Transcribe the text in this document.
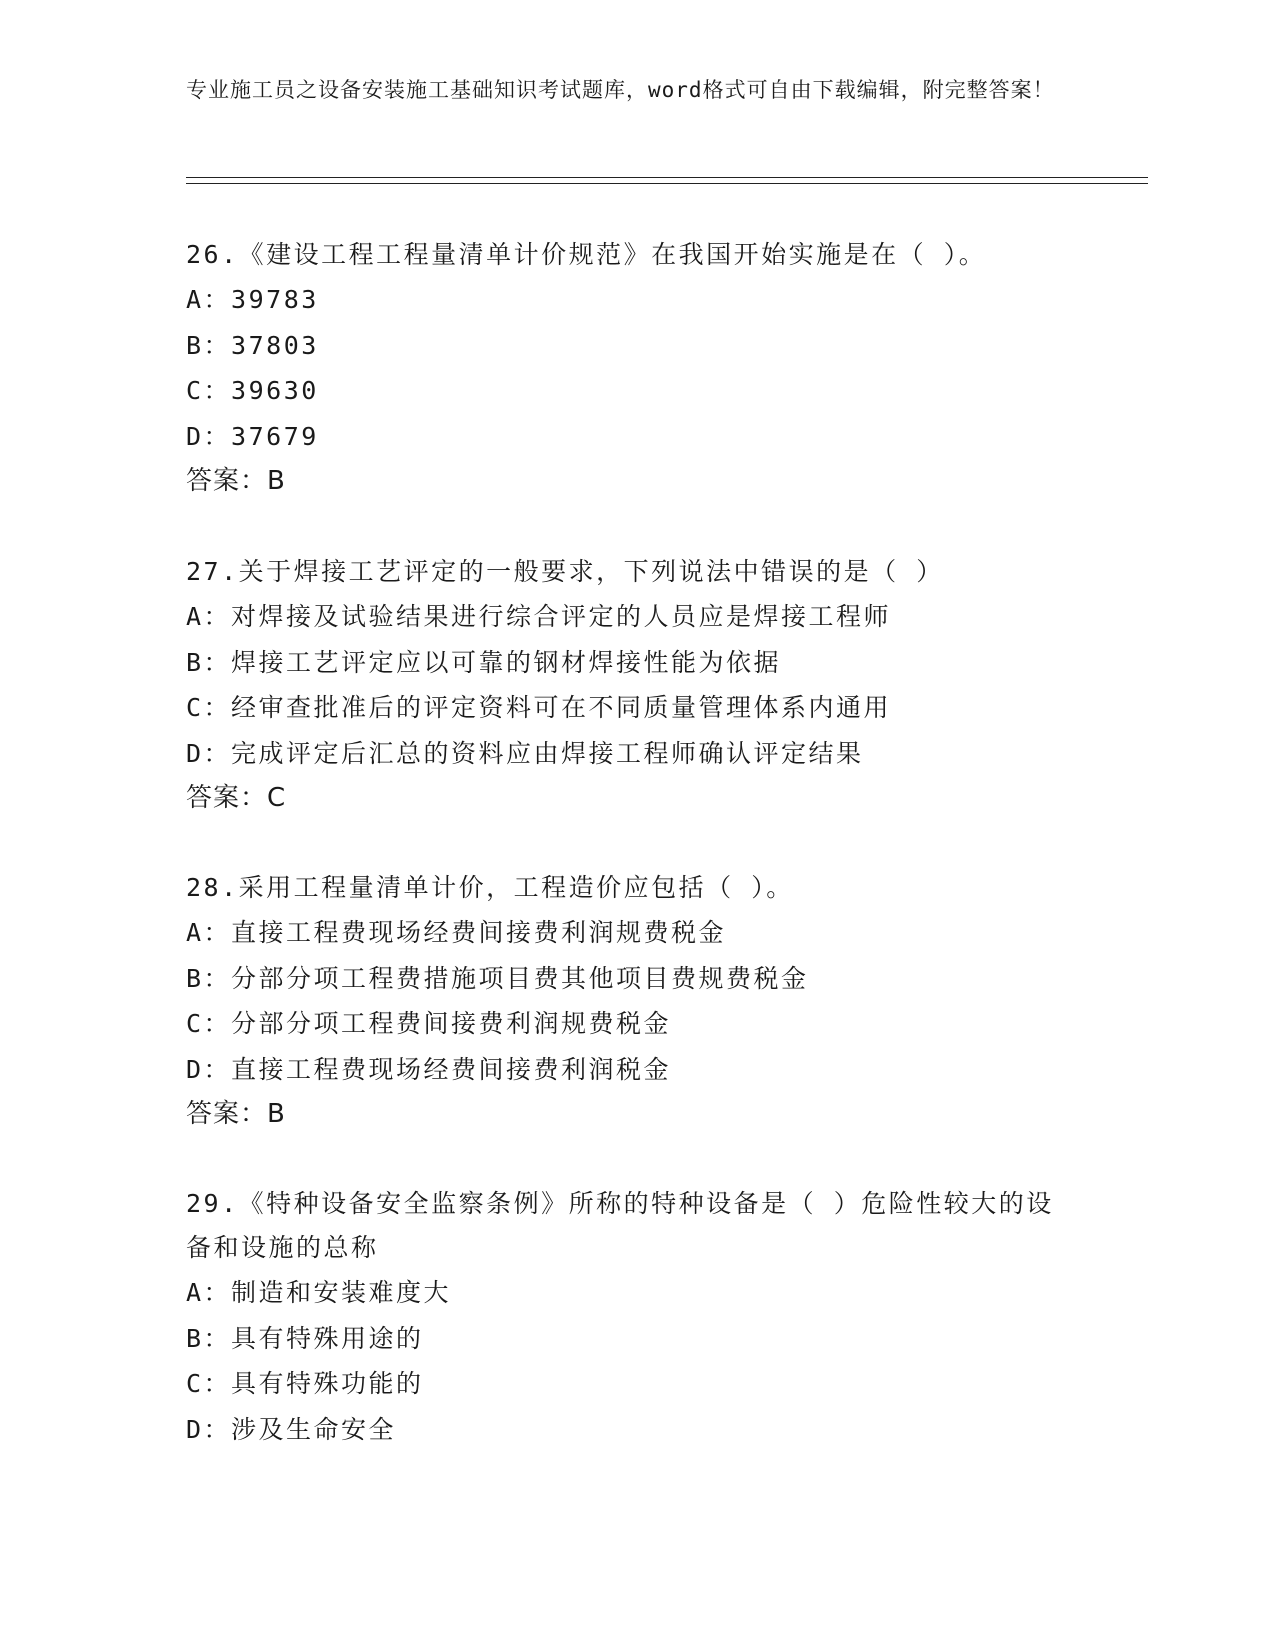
专业施工员之设备安装施工基础知识考试题库，word格式可自由下载编辑，附完整答案！
26.《建设工程工程量清单计价规范》在我国开始实施是在（ ）。
A：39783
B：37803
C：39630
D：37679
答案：B
27.关于焊接工艺评定的一般要求，下列说法中错误的是（ ）
A：对焊接及试验结果进行综合评定的人员应是焊接工程师
B：焊接工艺评定应以可靠的钢材焊接性能为依据
C：经审查批准后的评定资料可在不同质量管理体系内通用
D：完成评定后汇总的资料应由焊接工程师确认评定结果
答案：C
28.采用工程量清单计价，工程造价应包括（ ）。
A：直接工程费现场经费间接费利润规费税金
B：分部分项工程费措施项目费其他项目费规费税金
C：分部分项工程费间接费利润规费税金
D：直接工程费现场经费间接费利润税金
答案：B
29.《特种设备安全监察条例》所称的特种设备是（ ）危险性较大的设备和设施的总称
A：制造和安装难度大
B：具有特殊用途的
C：具有特殊功能的
D：涉及生命安全
